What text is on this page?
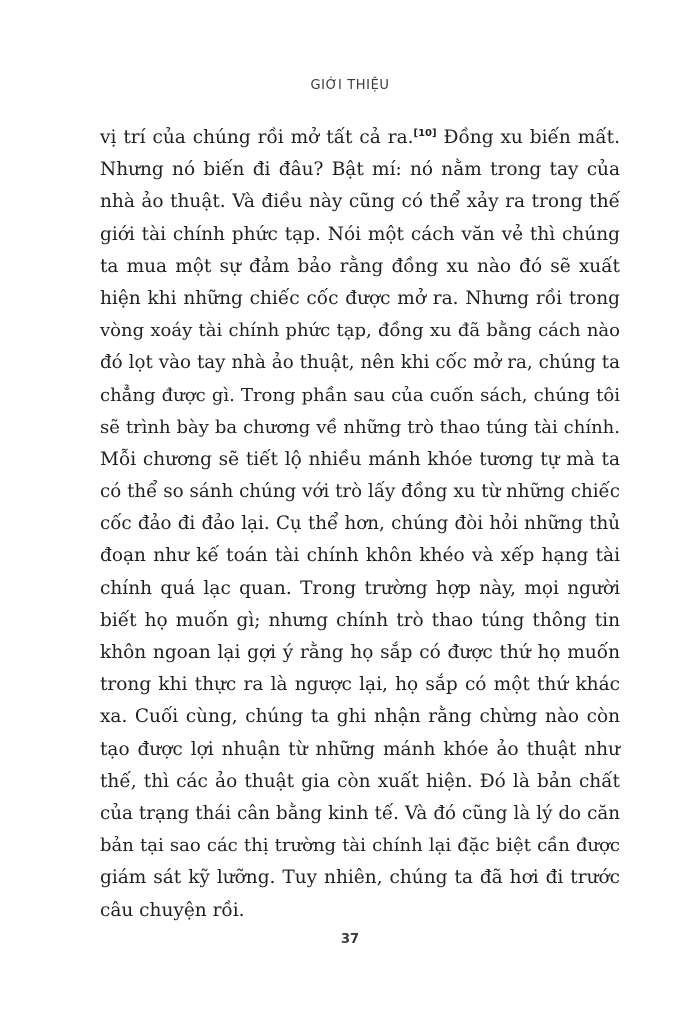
GIỚI THIỆU
vị trí của chúng rồi mở tất cả ra.[10] Đồng xu biến mất.
Nhưng nó biến đi đâu? Bật mí: nó nằm trong tay của
nhà ảo thuật. Và điều này cũng có thể xảy ra trong thế
giới tài chính phức tạp. Nói một cách văn vẻ thì chúng
ta mua một sự đảm bảo rằng đồng xu nào đó sẽ xuất
hiện khi những chiếc cốc được mở ra. Nhưng rồi trong
vòng xoáy tài chính phức tạp, đồng xu đã bằng cách nào
đó lọt vào tay nhà ảo thuật, nên khi cốc mở ra, chúng ta
chẳng được gì. Trong phần sau của cuốn sách, chúng tôi
sẽ trình bày ba chương về những trò thao túng tài chính.
Mỗi chương sẽ tiết lộ nhiều mánh khóe tương tự mà ta
có thể so sánh chúng với trò lấy đồng xu từ những chiếc
cốc đảo đi đảo lại. Cụ thể hơn, chúng đòi hỏi những thủ
đoạn như kế toán tài chính khôn khéo và xếp hạng tài
chính quá lạc quan. Trong trường hợp này, mọi người
biết họ muốn gì; nhưng chính trò thao túng thông tin
khôn ngoan lại gợi ý rằng họ sắp có được thứ họ muốn
trong khi thực ra là ngược lại, họ sắp có một thứ khác
xa. Cuối cùng, chúng ta ghi nhận rằng chừng nào còn
tạo được lợi nhuận từ những mánh khóe ảo thuật như
thế, thì các ảo thuật gia còn xuất hiện. Đó là bản chất
của trạng thái cân bằng kinh tế. Và đó cũng là lý do căn
bản tại sao các thị trường tài chính lại đặc biệt cần được
giám sát kỹ lưỡng. Tuy nhiên, chúng ta đã hơi đi trước
câu chuyện rồi.
37
